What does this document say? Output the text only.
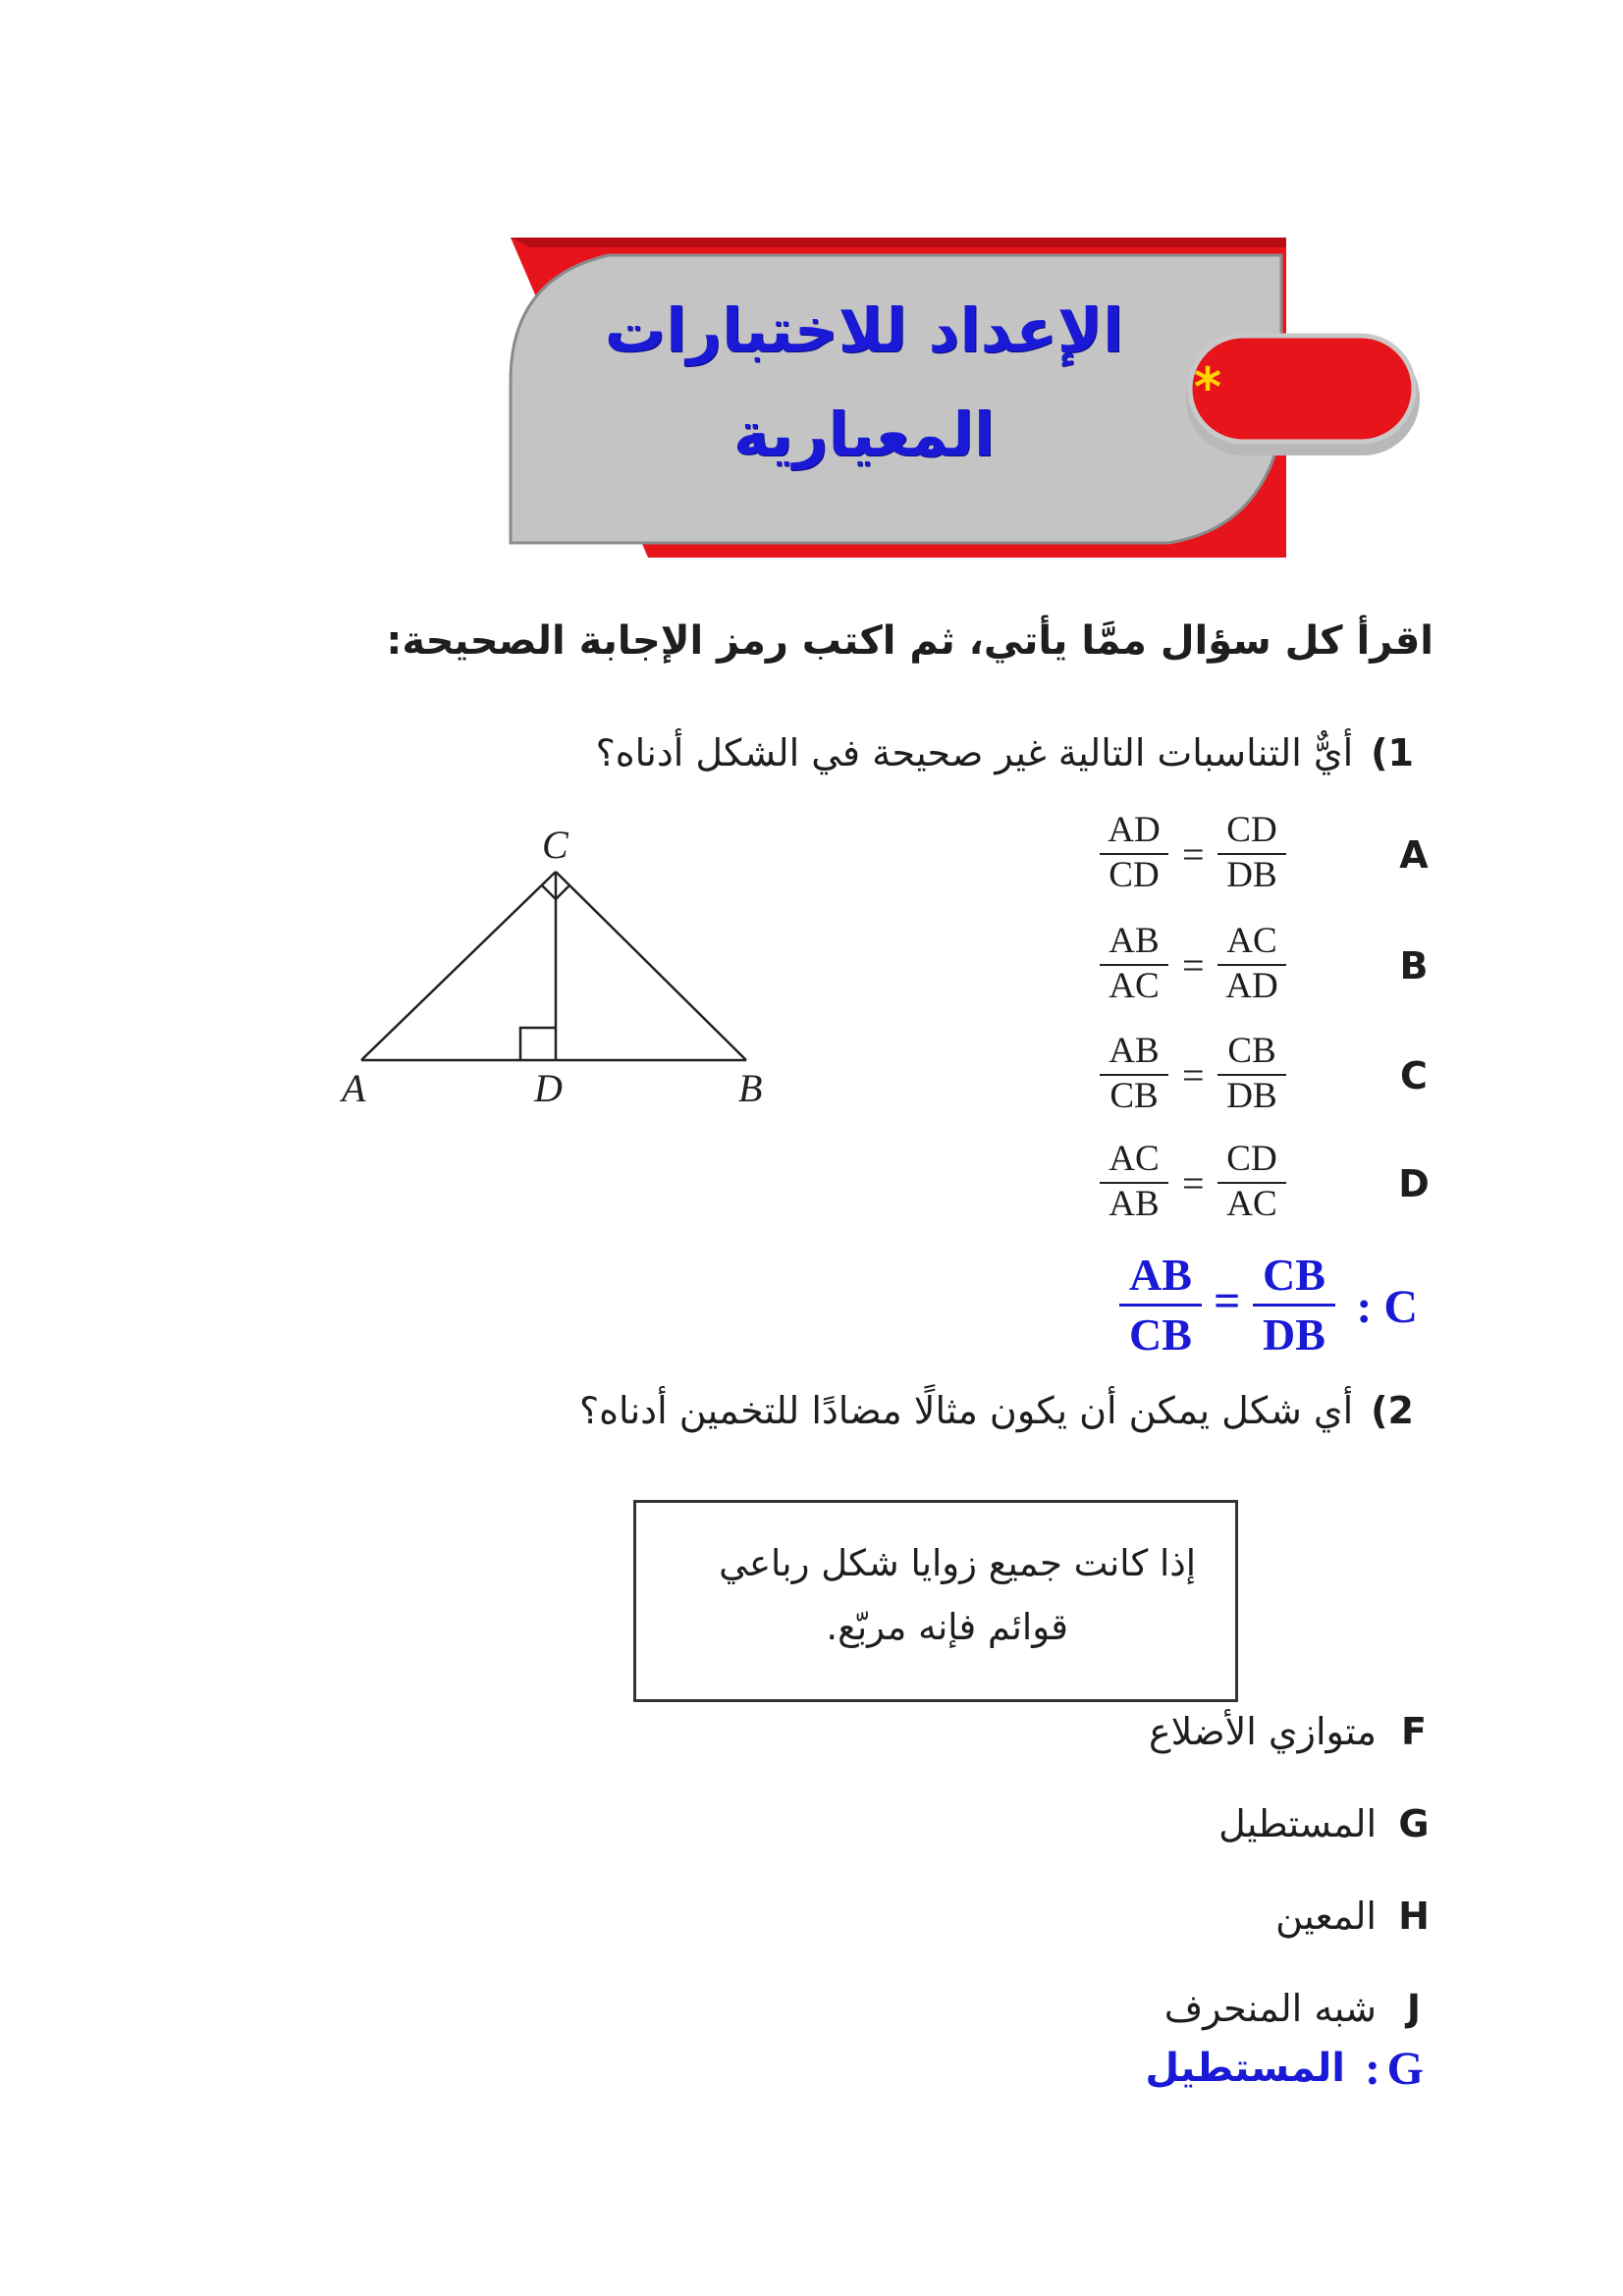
الإعداد للاختبارات
المعيارية
*
اقرأ كل سؤال ممَّا يأتي، ثم اكتب رمز الإجابة الصحيحة:
1)أيٌّ التناسبات التالية غير صحيحة في الشكل أدناه؟
C
A	D	B
$\frac{AD}{CD} = \frac{CD}{DB}$	A
$\frac{AB}{AC} = \frac{AC}{AD}$	B
$\frac{AB}{CB} = \frac{CB}{DB}$	C
$\frac{AC}{AB} = \frac{CD}{AC}$	D
$\frac{AB}{CB} = \frac{CB}{DB}$ : C
2)أي شكل يمكن أن يكون مثالًا مضادًا للتخمين أدناه؟
إذا كانت جميع زوايا شكل رباعي
قوائم فإنه مربّع.
F
متوازي الأضلاع
G
المستطيل
H
المعين
J
شبه المنحرف
G
:
المستطيل
